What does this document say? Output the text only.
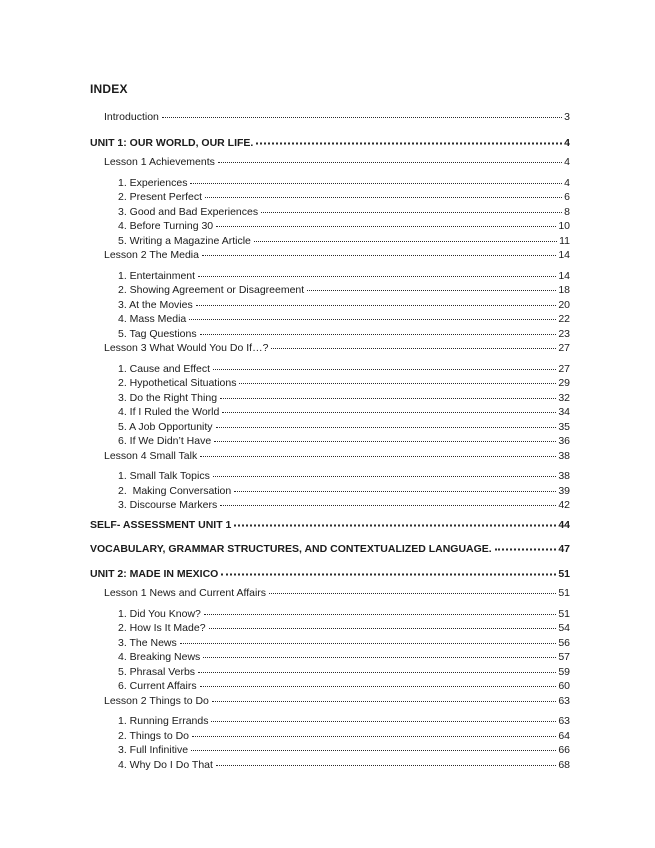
INDEX
Introduction	3
UNIT 1: OUR WORLD, OUR LIFE.	4
Lesson 1 Achievements	4
1. Experiences	4
2. Present Perfect	6
3. Good and Bad Experiences	8
4. Before Turning 30	10
5. Writing a Magazine Article	11
Lesson 2 The Media	14
1. Entertainment	14
2. Showing Agreement or Disagreement	18
3. At the Movies	20
4. Mass Media	22
5. Tag Questions	23
Lesson 3 What Would You Do If…?	27
1. Cause and Effect	27
2. Hypothetical Situations	29
3. Do the Right Thing	32
4. If I Ruled the World	34
5. A Job Opportunity	35
6. If We Didn’t Have	36
Lesson 4 Small Talk	38
1. Small Talk Topics	38
2.  Making Conversation	39
3. Discourse Markers	42
SELF- ASSESSMENT UNIT 1	44
VOCABULARY, GRAMMAR STRUCTURES, AND CONTEXTUALIZED LANGUAGE.	47
UNIT 2: MADE IN MEXICO	51
Lesson 1 News and Current Affairs	51
1. Did You Know?	51
2. How Is It Made?	54
3. The News	56
4. Breaking News	57
5. Phrasal Verbs	59
6. Current Affairs	60
Lesson 2 Things to Do	63
1. Running Errands	63
2. Things to Do	64
3. Full Infinitive	66
4. Why Do I Do That	68
